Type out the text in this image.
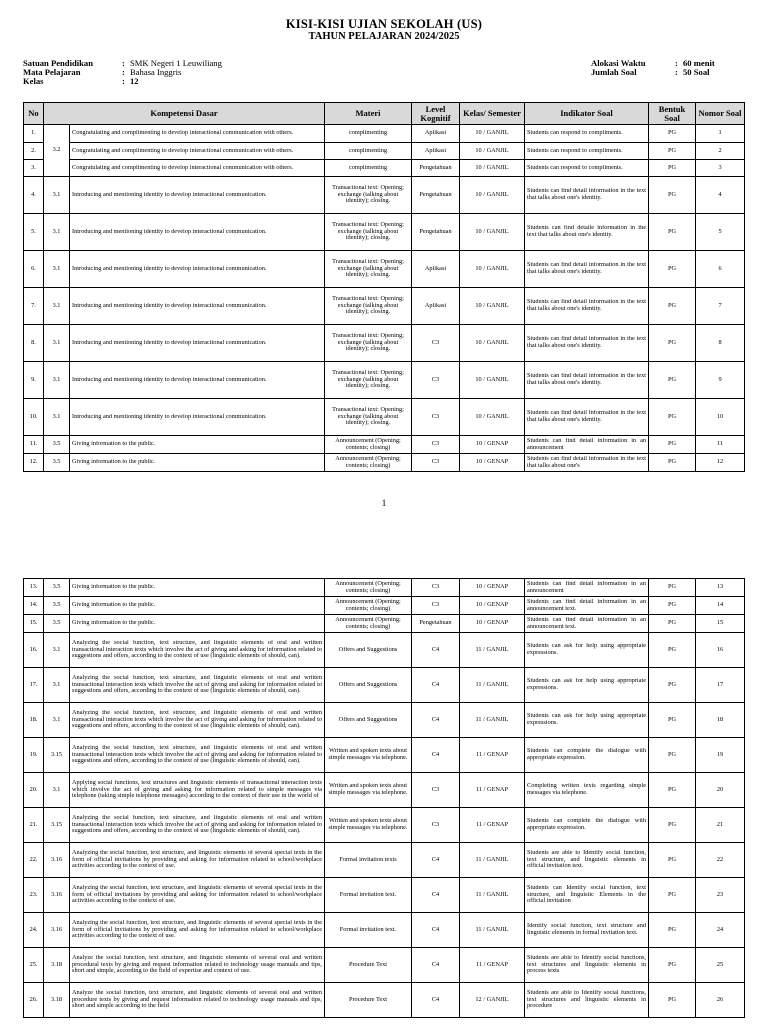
KISI-KISI UJIAN SEKOLAH (US)
TAHUN PELAJARAN 2024/2025
Satuan Pendidikan	: SMK Negeri 1 Leuwiliang
Mata Pelajaran	: Bahasa Inggris
Kelas	: 12
Alokasi Waktu	: 60 menit
Jumlah Soal	: 50 Soal
No	Kompetensi Dasar		Materi	Level Kognitif	Kelas/ Semester	Indikator Soal	Bentuk Soal	Nomor Soal
1.	3.2	Congratulating and complimenting to develop interactional communication with others.	complimenting	Aplikasi	10 / GANJIL	Students can respond to compliments.	PG	1

2.		Congratulating and complimenting to develop interactional communication with others.	complimenting	Aplikasi	10 / GANJIL	Students can respond to compliments.	PG	2

3.		Congratulating and complimenting to develop interactional communication with others.	complimenting	Pengetahuan	10 / GANJIL	Students can respond to compliments.	PG	3

4.	3.1	Introducing and mentioning identity to develop interactional communication.	Transactional text: Opening; exchange (talking about identity); closing.	Pengetahuan	10 / GANJIL	Students can find detail information in the text that talks about one's identity.	PG	4

5.	3.1	Introducing and mentioning identity to develop interactional communication.	Transactional text: Opening; exchange (talking about identity); closing.	Pengetahuan	10 / GANJIL	Students can find detaile information in the text that talks about one's identity.	PG	5

6.	3.1	Introducing and mentioning identity to develop interactional communication.	Transactional text: Opening; exchange (talking about identity); closing.	Aplikasi	10 / GANJIL	Students can find detail information in the text that talks about one's identity.	PG	6

7.	3.1	Introducing and mentioning identity to develop interactional communication.	Transactional text: Opening; exchange (talking about identity); closing.	Aplikasi	10 / GANJIL	Students can find detail information in the text that talks about one's identity.	PG	7

8.	3.1	Introducing and mentioning identity to develop interactional communication.	Transactional text: Opening; exchange (talking about identity); closing.	C3	10 / GANJIL	Students can find detail information in the text that talks about one's identity.	PG	8

9.	3.1	Introducing and mentioning identity to develop interactional communication.	Transactional text: Opening; exchange (talking about identity); closing.	C3	10 / GANJIL	Students can find detail information in the text that talks about one's identity.	PG	9

10.	3.1	Introducing and mentioning identity to develop interactional communication.	Transactional text: Opening; exchange (talking about identity); closing.	C3	10 / GANJIL	Students can find detail information in the text that talks about one's identity.	PG	10

11.	3.5	Giving information to the public.	Announcement (Opening; contents; closing)	C3	10 / GENAP	Students can find detail information in an announcement	PG	11

12.	3.5	Giving information to the public.	Announcement (Opening; contents; closing)	C3	10 / GENAP	Students can find detail information in the text that talks about one's	PG	12
1
13.	3.5	Giving information to the public.	Announcement (Opening; contents; closing)	C3	10 / GENAP	Students can find detail information in an announcement	PG	13

14.	3.5	Giving information to the public.	Announcement (Opening; contents; closing)	C3	10 / GENAP	Students can find detail information in an announcement text.	PG	14

15.	3.5	Giving information to the public.	Announcement (Opening; contents; closing)	Pengetahuan	10 / GENAP	Students can find detail information in an announcement text.	PG	15

16.	3.1	Analyzing the social function, text structure, and linguistic elements of oral and written transactional interaction texts which involve the act of giving and asking for information related to suggestions and offers, according to the context of use (linguistic elements of should, can).	Offers and Suggestions	C4	11 / GANJIL	Students can ask for help using appropriate expressions.	PG	16

17.	3.1	Analyzing the social function, text structure, and linguistic elements of oral and written transactional interaction texts which involve the act of giving and asking for information related to suggestions and offers, according to the context of use (linguistic elements of should, can).	Offers and Suggestions	C4	11 / GANJIL	Students can ask for help using appropriate expressions.	PG	17

18.	3.1	Analyzing the social function, text structure, and linguistic elements of oral and written transactional interaction texts which involve the act of giving and asking for information related to suggestions and offers, according to the context of use (linguistic elements of should, can).	Offers and Suggestions	C4	11 / GANJIL	Students can ask for help using appropriate expressions.	PG	18

19.	3.15	Analyzing the social function, text structure, and linguistic elements of oral and written transactional interaction texts which involve the act of giving and asking for information related to suggestions and offers, according to the context of use (linguistic elements of should, can).	Written and spoken texts about simple messages via telephone.	C4	11 / GENAP	Students can complete the dialogue with appropriate expression.	PG	19

20.	3.1	Applying social functions, text structures and linguistic elements of transactional interaction texts which involve the act of giving and asking for information related to simple messages via telephone (taking simple telephone messages) according to the context of their use in the world of	Written and spoken texts about simple messages via telephone.	C3	11 / GENAP	Completing written texts regarding simple messages via telephone.	PG	20

21.	3.15	Analyzing the social function, text structure, and linguistic elements of oral and written transactional interaction texts which involve the act of giving and asking for information related to suggestions and offers, according to the context of use (linguistic elements of should, can).	Written and spoken texts about simple messages via telephone.	C3	11 / GENAP	Students can complete the dialogue with appropriate expression.	PG	21

22.	3.16	Analyzing the social function, text structure, and linguistic elements of several special texts in the form of official invitations by providing and asking for information related to school/workplace activities according to the context of use.	Formal invitation texts	C4	11 / GANJIL	Students are able to Identify social function, text structure, and linguistic elements in official invitation text.	PG	22

23.	3.16	Analyzing the social function, text structure, and linguistic elements of several special texts in the form of official invitations by providing and asking for information related to school/workplace activities according to the context of use.	Formal invitation text.	C4	11 / GANJIL	Students can Identify social function, text structure, and linguistic Elements in the official invitation	PG	23

24.	3.16	Analyzing the social function, text structure, and linguistic elements of several special texts in the form of official invitations by providing and asking for information related to school/workplace activities according to the context of use.	Formal invitation text.	C4	11 / GANJIL	Identify social function, text structure and linguistic elements in formal invitation text.	PG	24

25.	3.18	Analyze the social function, text structure, and linguistic elements of several oral and written procedural texts by giving and request information related to technology usage manuals and tips, short and simple, according to the field of expertise and context of use.	Procedure Text	C4	11 / GENAP	Students are able to Identify social functions, text structures and linguistic elements in process texts	PG	25

26.	3.18	Analyze the social function, text structure, and linguistic elements of several oral and written procedure texts by giving and request information related to technology usage manuals and tips, short and simple according to the field	Procedure Text	C4	12 / GANJIL	Students are able to Identify social functions, text structures and linguistic elements in procedure	PG	26
